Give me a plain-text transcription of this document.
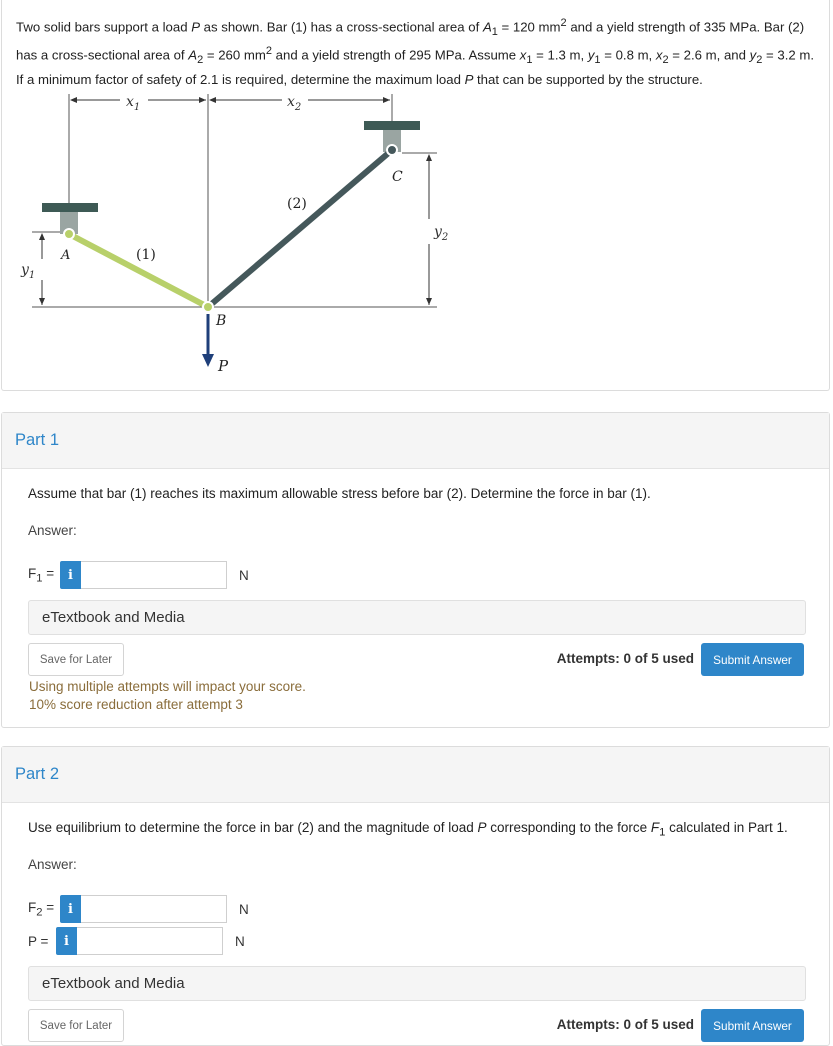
Two solid bars support a load P as shown. Bar (1) has a cross-sectional area of $A_1 = 120$ $mm^2$ and a yield strength of 335 MPa. Bar (2) has a cross-sectional area of $A_2 = 260$ $mm^2$ and a yield strength of 295 MPa. Assume $x_1 = 1.3$ m, $y_1 = 0.8$ m, $x_2 = 2.6$ m, and $y_2 = 3.2$ m. If a minimum factor of safety of 2.1 is required, determine the maximum load P that can be supported by the structure.
$x_1$	$x_2$
$y_1$
$y_2$
(1)
(2)
A
B
C
P
Part 1
Assume that bar (1) reaches its maximum allowable stress before bar (2). Determine the force in bar (1).
Answer:
$F_1$ =	i	N
eTextbook and Media
Save for Later	Attempts: 0 of 5 used	Submit Answer
Using multiple attempts will impact your score.
10% score reduction after attempt 3
Part 2
Use equilibrium to determine the force in bar (2) and the magnitude of load P corresponding to the force $F_1$ calculated in Part 1.
Answer:
$F_2$ =	i	N
P =	i	N
eTextbook and Media
Save for Later	Attempts: 0 of 5 used	Submit Answer
